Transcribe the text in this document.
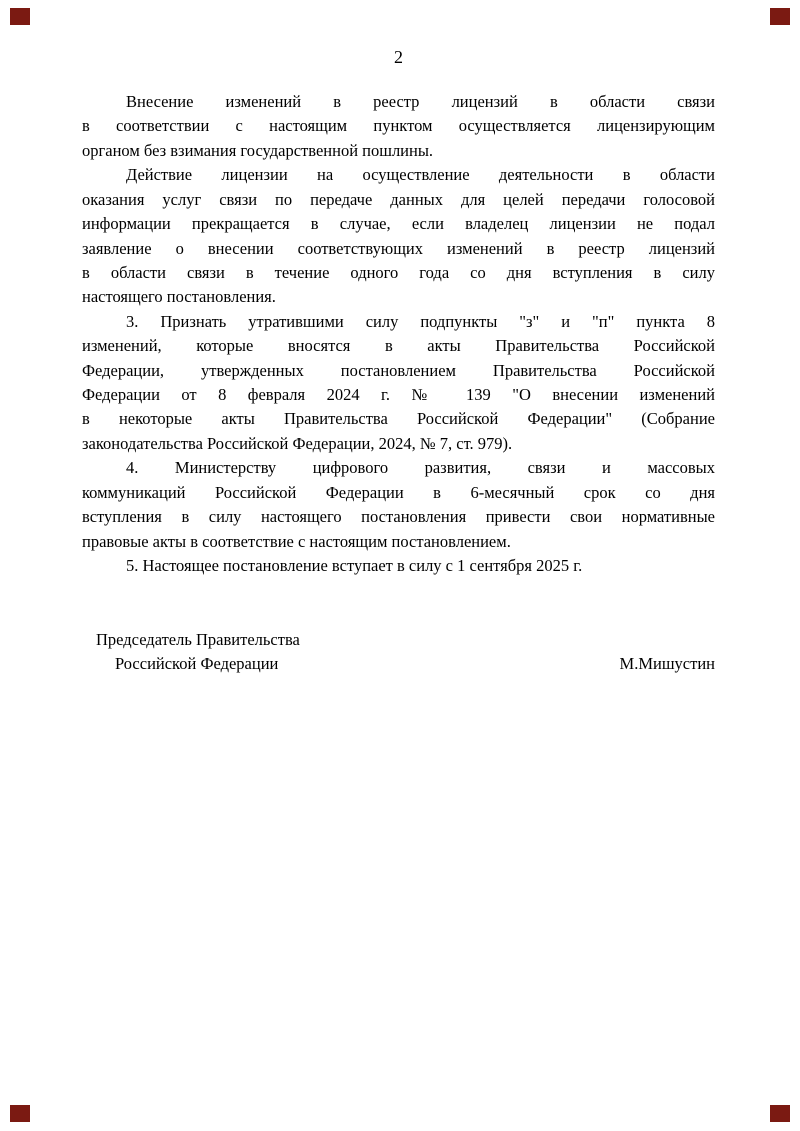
2
Внесение изменений в реестр лицензий в области связи
в соответствии с настоящим пунктом осуществляется лицензирующим
органом без взимания государственной пошлины.
Действие лицензии на осуществление деятельности в области
оказания услуг связи по передаче данных для целей передачи голосовой
информации прекращается в случае, если владелец лицензии не подал
заявление о внесении соответствующих изменений в реестр лицензий
в области связи в течение одного года со дня вступления в силу
настоящего постановления.
3. Признать утратившими силу подпункты "з" и "п" пункта 8
изменений, которые вносятся в акты Правительства Российской
Федерации, утвержденных постановлением Правительства Российской
Федерации от 8 февраля 2024 г. № 139 "О внесении изменений
в некоторые акты Правительства Российской Федерации" (Собрание
законодательства Российской Федерации, 2024, № 7, ст. 979).
4. Министерству цифрового развития, связи и массовых
коммуникаций Российской Федерации в 6-месячный срок со дня
вступления в силу настоящего постановления привести свои нормативные
правовые акты в соответствие с настоящим постановлением.
5. Настоящее постановление вступает в силу с 1 сентября 2025 г.
Председатель Правительства
Российской Федерации	М.Мишустин
